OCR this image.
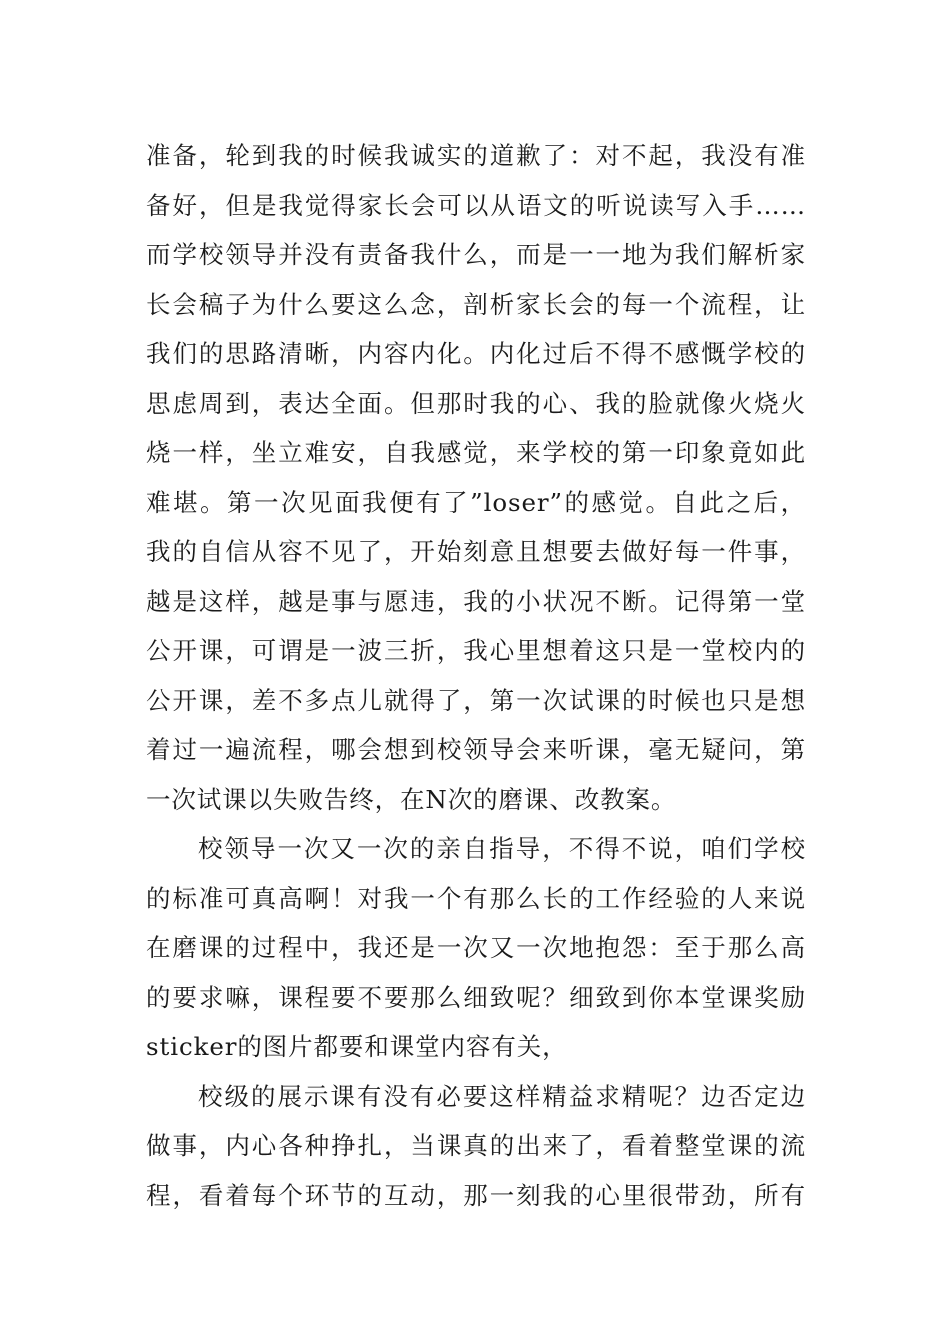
准备，轮到我的时候我诚实的道歉了：对不起，我没有准
备好，但是我觉得家长会可以从语文的听说读写入手……
而学校领导并没有责备我什么，而是一一地为我们解析家
长会稿子为什么要这么念，剖析家长会的每一个流程，让
我们的思路清晰，内容内化。内化过后不得不感慨学校的
思虑周到，表达全面。但那时我的心、我的脸就像火烧火
烧一样，坐立难安，自我感觉，来学校的第一印象竟如此
难堪。第一次见面我便有了”loser”的感觉。自此之后，
我的自信从容不见了，开始刻意且想要去做好每一件事，
越是这样，越是事与愿违，我的小状况不断。记得第一堂
公开课，可谓是一波三折，我心里想着这只是一堂校内的
公开课，差不多点儿就得了，第一次试课的时候也只是想
着过一遍流程，哪会想到校领导会来听课，毫无疑问，第
一次试课以失败告终，在N次的磨课、改教案。
校领导一次又一次的亲自指导，不得不说，咱们学校
的标准可真高啊！对我一个有那么长的工作经验的人来说
在磨课的过程中，我还是一次又一次地抱怨：至于那么高
的要求嘛，课程要不要那么细致呢？细致到你本堂课奖励
sticker的图片都要和课堂内容有关，
校级的展示课有没有必要这样精益求精呢？边否定边
做事，内心各种挣扎，当课真的出来了，看着整堂课的流
程，看着每个环节的互动，那一刻我的心里很带劲，所有
